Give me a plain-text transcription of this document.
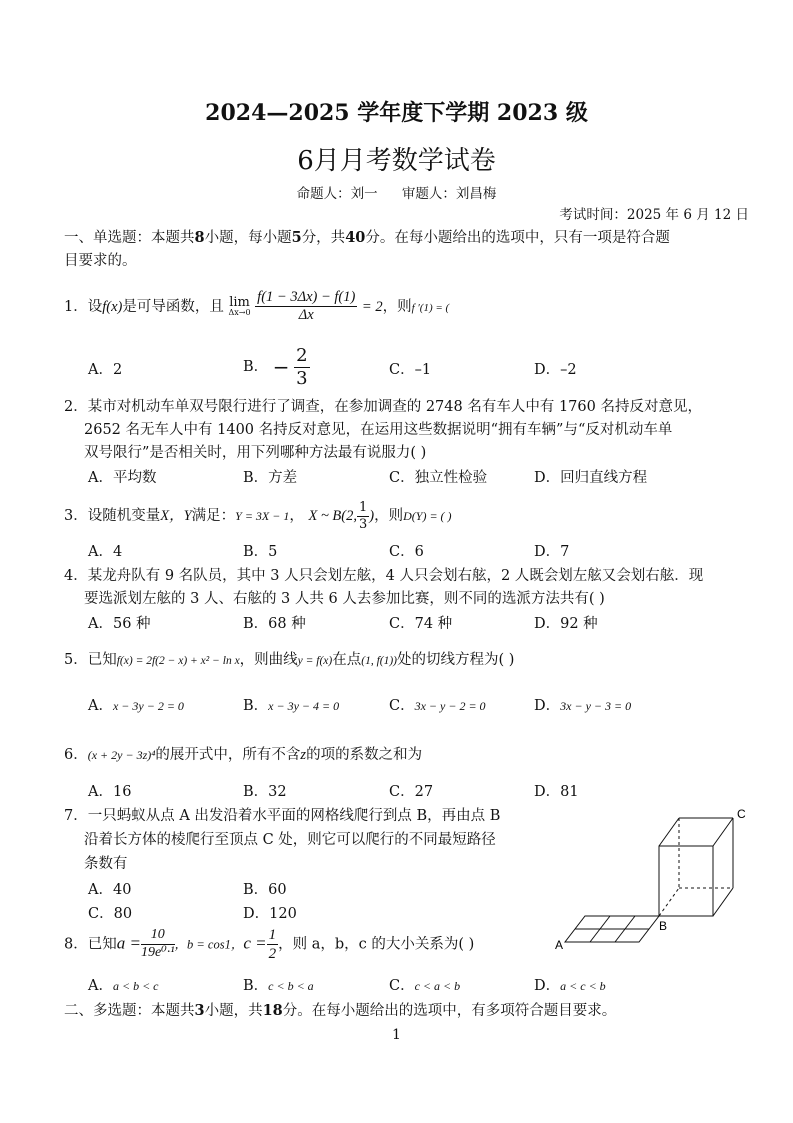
2024—2025 学年度下学期 2023 级
6月月考数学试卷
命题人：刘一 审题人：刘昌梅
考试时间：2025 年 6 月 12 日
一、单选题：本题共8小题，每小题5分，共40分。在每小题给出的选项中，只有一项是符合题
目要求的。
1．设f(x)是可导函数，且 lim
Δx→0
$\frac{f(1 - 3\Delta x) - f(1)}{\Delta x} = 2$，则f ′(1) = (
A．2	B． − $\frac{2}{3}$	C．–1	D．–2
2．某市对机动车单双号限行进行了调查，在参加调查的 2748 名有车人中有 1760 名持反对意见，
2652 名无车人中有 1400 名持反对意见，在运用这些数据说明“拥有车辆”与“反对机动车单
双号限行”是否相关时，用下列哪种方法最有说服力( )
A．平均数	B．方差	C．独立性检验	D．回归直线方程
3．设随机变量X，Y满足：Y = 3X − 1， X ~ B(2, $\frac{1}{3}$ )，则D(Y) = ( )
A．4	B．5	C．6	D．7
4．某龙舟队有 9 名队员，其中 3 人只会划左舷，4 人只会划右舷，2 人既会划左舷又会划右舷．现
要选派划左舷的 3 人、右舷的 3 人共 6 人去参加比赛，则不同的选派方法共有( )
A．56 种	B．68 种	C．74 种	D．92 种
5．已知f(x) = 2f(2 − x) + x² − ln x，则曲线y = f(x)在点(1, f(1))处的切线方程为( )
A．x − 3y − 2 = 0	B．x − 3y − 4 = 0	C．3x − y − 2 = 0	D．3x − y − 3 = 0
6．(x + 2y − 3z)⁴的展开式中，所有不含z的项的系数之和为
A．16	B．32	C．27	D．81
7．一只蚂蚁从点 A 出发沿着水平面的网格线爬行到点 B，再由点 B
沿着长方体的棱爬行至顶点 C 处，则它可以爬行的不同最短路径
条数有
A．40	B．60
C．80	D．120
A
B
C
8．已知$a = \frac{10}{\text{19e⁰·¹}}$ ，b = cos1，$c = \frac{1}{2}$ ，则 a，b，c 的大小关系为( )
A．a < b < c	B．c < b < a	C．c < a < b	D．a < c < b
二、多选题：本题共3小题，共18分。在每小题给出的选项中，有多项符合题目要求。
1
